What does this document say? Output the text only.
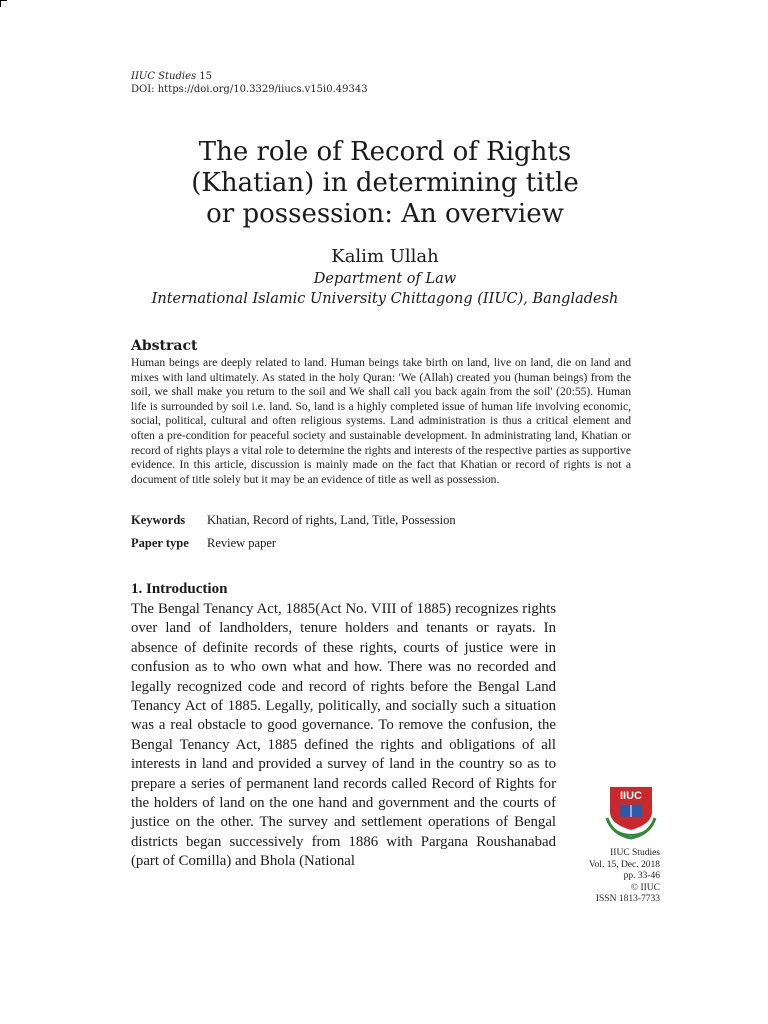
IIUC Studies 15
DOI: https://doi.org/10.3329/iiucs.v15i0.49343
The role of Record of Rights
(Khatian) in determining title
or possession: An overview
Kalim Ullah
Department of Law
International Islamic University Chittagong (IIUC), Bangladesh
Abstract
Human beings are deeply related to land. Human beings take birth on land, live on land, die on land and mixes with land ultimately. As stated in the holy Quran: 'We (Allah) created you (human beings) from the soil, we shall make you return to the soil and We shall call you back again from the soil' (20:55). Human life is surrounded by soil i.e. land. So, land is a highly completed issue of human life involving economic, social, political, cultural and often religious systems. Land administration is thus a critical element and often a pre-condition for peaceful society and sustainable development. In administrating land, Khatian or record of rights plays a vital role to determine the rights and interests of the respective parties as supportive evidence. In this article, discussion is mainly made on the fact that Khatian or record of rights is not a document of title solely but it may be an evidence of title as well as possession.
Keywords Khatian, Record of rights, Land, Title, Possession
Paper type Review paper
1. Introduction
The Bengal Tenancy Act, 1885(Act No. VIII of 1885) recognizes rights over land of landholders, tenure holders and tenants or rayats. In absence of definite records of these rights, courts of justice were in confusion as to who own what and how. There was no recorded and legally recognized code and record of rights before the Bengal Land Tenancy Act of 1885. Legally, politically, and socially such a situation was a real obstacle to good governance. To remove the confusion, the Bengal Tenancy Act, 1885 defined the rights and obligations of all interests in land and provided a survey of land in the country so as to prepare a series of permanent land records called Record of Rights for the holders of land on the one hand and government and the courts of justice on the other. The survey and settlement operations of Bengal districts began successively from 1886 with Pargana Roushanabad (part of Comilla) and Bhola (National
IIUC
IIUC Studies
Vol. 15, Dec. 2018
pp. 33-46
© IIUC
ISSN 1813-7733
